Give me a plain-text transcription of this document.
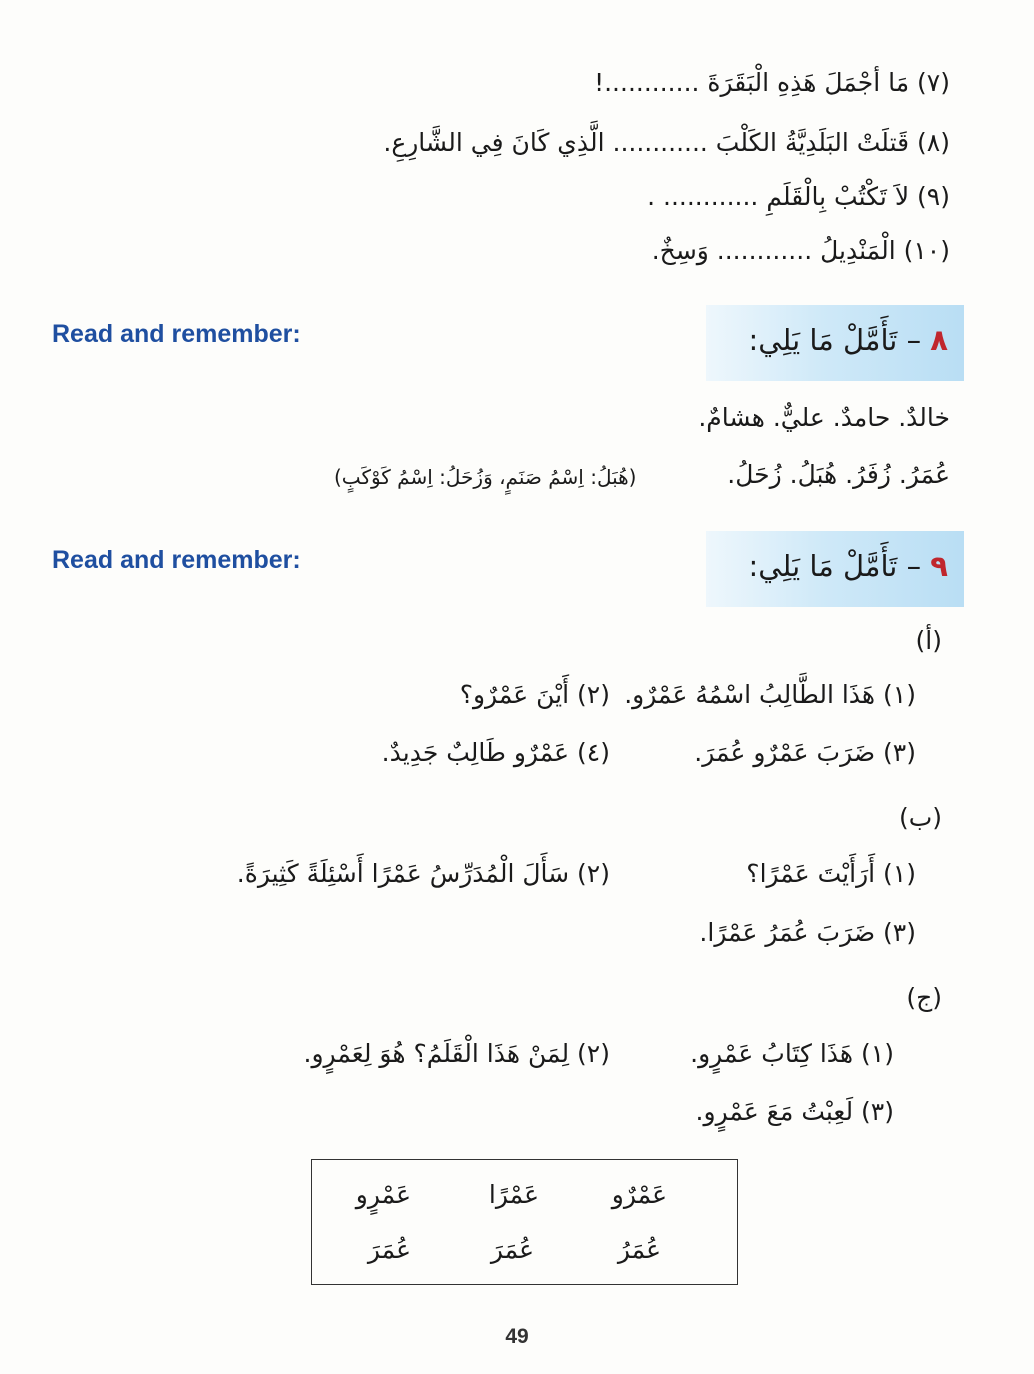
(٧) مَا أجْمَلَ هَذِهِ الْبَقَرَةَ ............!
(٨) قَتلَتْ البَلَدِيَّةُ الكَلْبَ ............ الَّذِي كَانَ فِي الشَّارِعِ.
(٩) لاَ تَكْتُبْ بِالْقَلَمِ ............ .
(١٠) الْمَنْدِيلُ ............ وَسِخٌ.
Read and remember:	٨ – تَأَمَّلْ مَا يَلِي:
خالدٌ. حامدٌ. عليٌّ. هشامٌ.
عُمَرُ. زُفَرُ. هُبَلُ. زُحَلُ.
(هُبَلُ: اِسْمُ صَنَمٍ، وَزُحَلُ: اِسْمُ كَوْكَبٍ)
Read and remember:	٩ – تَأَمَّلْ مَا يَلِي:
(أ)
(١) هَذَا الطَّالِبُ اسْمُهُ عَمْرٌو.
(٢) أَيْنَ عَمْرٌو؟
(٣) ضَرَبَ عَمْرٌو عُمَرَ.
(٤) عَمْرٌو طَالِبٌ جَدِيدٌ.
(ب)
(١) أَرَأَيْتَ عَمْرًا؟
(٢) سَأَلَ الْمُدَرِّسُ عَمْرًا أَسْئِلَةً كَثِيرَةً.
(٣) ضَرَبَ عُمَرُ عَمْرًا.
(ج)
(١) هَذَا كِتَابُ عَمْرٍو.
(٢) لِمَنْ هَذَا الْقَلَمُ؟ هُوَ لِعَمْرٍو.
(٣) لَعِبْتُ مَعَ عَمْرٍو.
عَمْرٌو
عَمْرًا
عَمْرٍو
عُمَرُ
عُمَرَ
عُمَرَ
49
